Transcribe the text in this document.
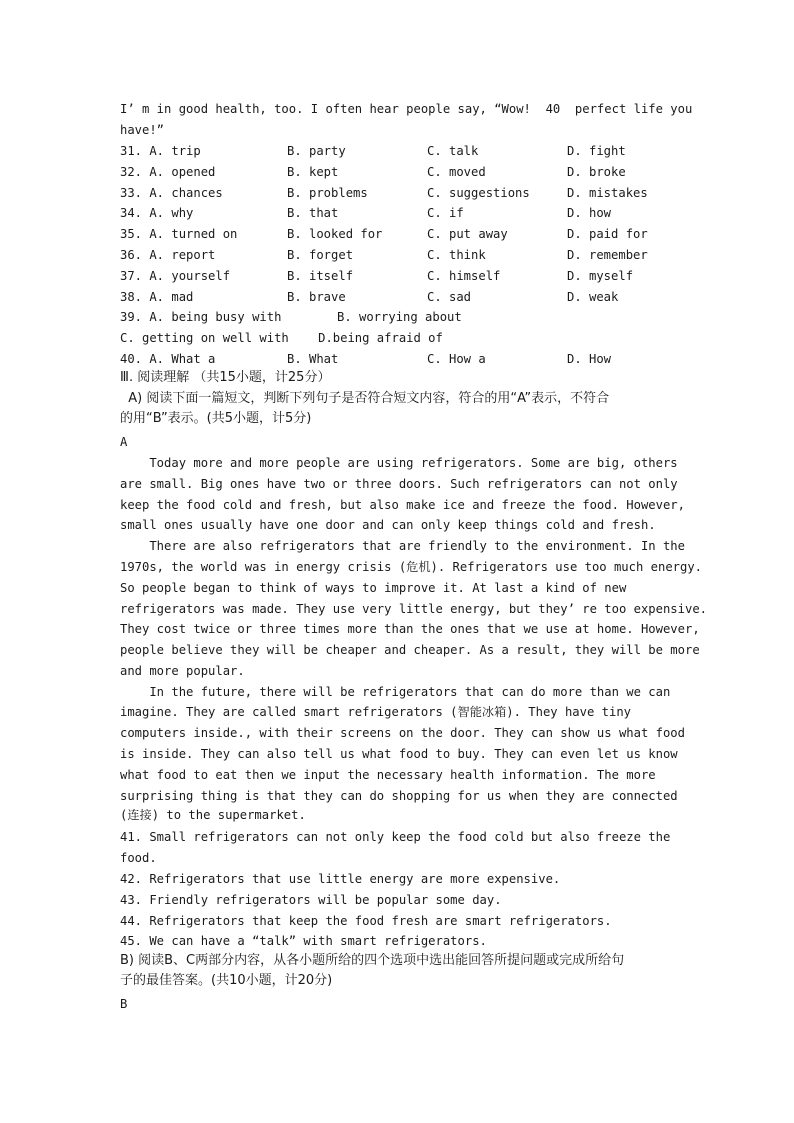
I’ m in good health, too. I often hear people say, “Wow!  40  perfect life you
have!”
31. A. trip	B. party	C. talk	D. fight
32. A. opened	B. kept	C. moved	D. broke
33. A. chances	B. problems	C. suggestions	D. mistakes
34. A. why	B. that	C. if	D. how
35. A. turned on	B. looked for	C. put away	D. paid for
36. A. report	B. forget	C. think	D. remember
37. A. yourself	B. itself	C. himself	D. myself
38. A. mad	B. brave	C. sad	D. weak
39. A. being busy with	B. worrying about
C. getting on well with    D.being afraid of
40. A. What a	B. What	C. How a	D. How
Ⅲ. 阅读理解 （共15小题，计25分）
A) 阅读下面一篇短文，判断下列句子是否符合短文内容，符合的用“A”表示，不符合
的用“B”表示。(共5小题，计5分)
A
Today more and more people are using refrigerators. Some are big, others
are small. Big ones have two or three doors. Such refrigerators can not only
keep the food cold and fresh, but also make ice and freeze the food. However,
small ones usually have one door and can only keep things cold and fresh.
There are also refrigerators that are friendly to the environment. In the
1970s, the world was in energy crisis (危机). Refrigerators use too much energy.
So people began to think of ways to improve it. At last a kind of new
refrigerators was made. They use very little energy, but they’ re too expensive.
They cost twice or three times more than the ones that we use at home. However,
people believe they will be cheaper and cheaper. As a result, they will be more
and more popular.
In the future, there will be refrigerators that can do more than we can
imagine. They are called smart refrigerators (智能冰箱). They have tiny
computers inside., with their screens on the door. They can show us what food
is inside. They can also tell us what food to buy. They can even let us know
what food to eat then we input the necessary health information. The more
surprising thing is that they can do shopping for us when they are connected
(连接) to the supermarket.
41. Small refrigerators can not only keep the food cold but also freeze the
food.
42. Refrigerators that use little energy are more expensive.
43. Friendly refrigerators will be popular some day.
44. Refrigerators that keep the food fresh are smart refrigerators.
45. We can have a “talk” with smart refrigerators.
B) 阅读B、C两部分内容，从各小题所给的四个选项中选出能回答所提问题或完成所给句
子的最佳答案。(共10小题，计20分)
B
